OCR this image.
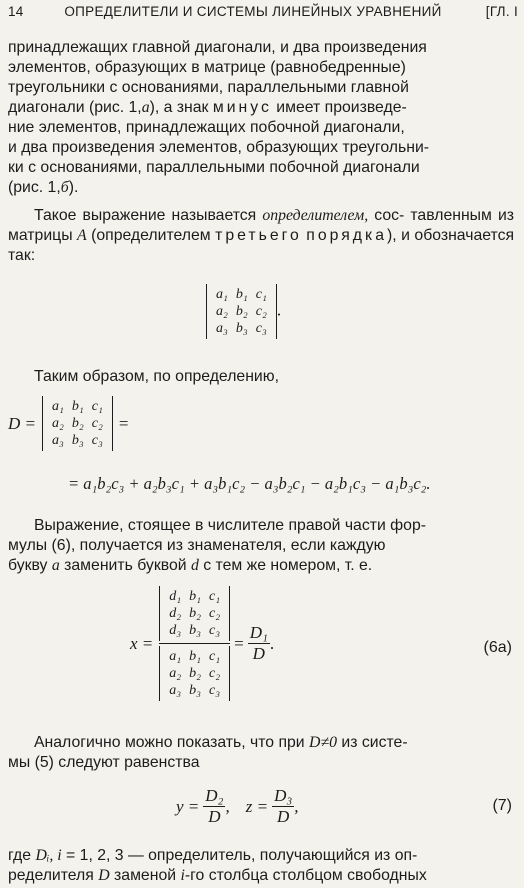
14	ОПРЕДЕЛИТЕЛИ И СИСТЕМЫ ЛИНЕЙНЫХ УРАВНЕНИЙ	[ГЛ. I
принадлежащих главной диагонали, и два произведения
элементов, образующих в матрице (равнобедренные)
треугольники с основаниями, параллельными главной
диагонали (рис. 1,а), а знак минус имеет произведе-
ние элементов, принадлежащих побочной диагонали,
и два произведения элементов, образующих треугольни-
ки с основаниями, параллельными побочной диагонали
(рис. 1,б).
Такое выражение называется определителем, сос- тавленным из матрицы A (определителем третьего порядка), и обозначается так:
a₁	b₁	c₁
a₂	b₂	c₂
a₃	b₃	c₃
.
Таким образом, по определению,
D =
a₁	b₁	c₁
a₂	b₂	c₂
a₃	b₃	c₃
=
= a₁b₂c₃ + a₂b₃c₁ + a₃b₁c₂ − a₃b₂c₁ − a₂b₁c₃ − a₁b₃c₂.
Выражение, стоящее в числителе правой части фор-
мулы (6), получается из знаменателя, если каждую
букву a заменить буквой d с тем же номером, т. е.
x = d₁	b₁	c₁
d₂	b₂	c₂
d₃	b₃	c₃
a₁	b₁	c₁
a₂	b₂	c₂
a₃	b₃	$c_3 = \frac{\text{D₁}}{D}$ .	(6a)
Аналогично можно показать, что при D≠0 из систе-
мы (5) следуют равенства
$y = \frac{\text{D₂}}{D}$ , $z = \frac{\text{D₃}}{D}$ ,	(7)
где Dᵢ, i = 1, 2, 3 — определитель, получающийся из оп-
ределителя D заменой i-го столбца столбцом свободных
